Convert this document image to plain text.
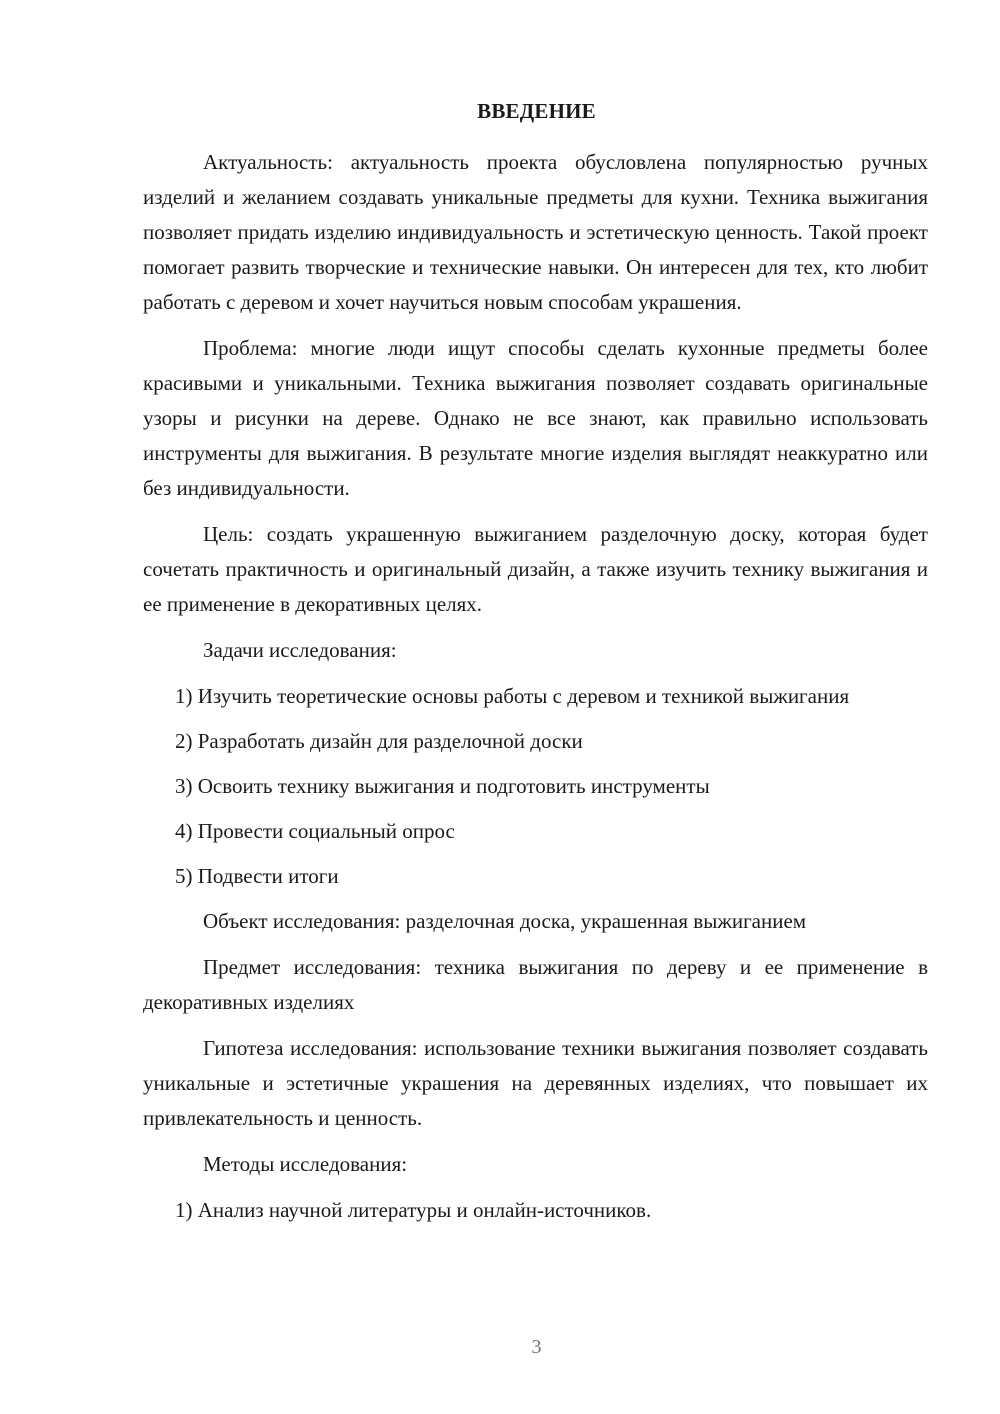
ВВЕДЕНИЕ

Актуальность: актуальность проекта обусловлена популярностью ручных изделий и желанием создавать уникальные предметы для кухни. Техника выжигания позволяет придать изделию индивидуальность и эстетическую ценность. Такой проект помогает развить творческие и технические навыки. Он интересен для тех, кто любит работать с деревом и хочет научиться новым способам украшения.

Проблема: многие люди ищут способы сделать кухонные предметы более красивыми и уникальными. Техника выжигания позволяет создавать оригинальные узоры и рисунки на дереве. Однако не все знают, как правильно использовать инструменты для выжигания. В результате многие изделия выглядят неаккуратно или без индивидуальности.

Цель: создать украшенную выжиганием разделочную доску, которая будет сочетать практичность и оригинальный дизайн, а также изучить технику выжигания и ее применение в декоративных целях.

Задачи исследования:

1) Изучить теоретические основы работы с деревом и техникой выжигания

2) Разработать дизайн для разделочной доски

3) Освоить технику выжигания и подготовить инструменты

4) Провести социальный опрос

5) Подвести итоги

Объект исследования: разделочная доска, украшенная выжиганием

Предмет исследования: техника выжигания по дереву и ее применение в декоративных изделиях

Гипотеза исследования: использование техники выжигания позволяет создавать уникальные и эстетичные украшения на деревянных изделиях, что повышает их привлекательность и ценность.

Методы исследования:

1) Анализ научной литературы и онлайн-источников.

3
